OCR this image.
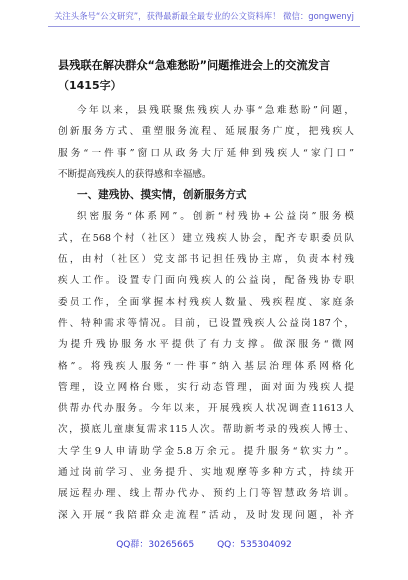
关注头条号“公文研究”，获得最新最全最专业的公文资料库！ 微信：gongwenyj
县残联在解决群众“急难愁盼”问题推进会上的交流发言
（1415字）
今年以来，县残联聚焦残疾人办事“急难愁盼”问题，
创新服务方式、重塑服务流程、延展服务广度，把残疾人
服务“一件事”窗口从政务大厅延伸到残疾人“家门口”
不断提高残疾人的获得感和幸福感。
一、建残协、摸实情，创新服务方式
织密服务“体系网”。创新“村残协+公益岗”服务模
式，在568个村（社区）建立残疾人协会，配齐专职委员队
伍，由村（社区）党支部书记担任残协主席，负责本村残
疾人工作。设置专门面向残疾人的公益岗，配备残协专职
委员工作，全面掌握本村残疾人数量、残疾程度、家庭条
件、特种需求等情况。目前，已设置残疾人公益岗187个，
为提升残协服务水平提供了有力支撑。做深服务“微网
格”。将残疾人服务“一件事”纳入基层治理体系网格化
管理，设立网格台账，实行动态管理，面对面为残疾人提
供帮办代办服务。今年以来，开展残疾人状况调查11613人
次，摸底儿童康复需求115人次。帮助新考录的残疾人博士、
大学生9人申请助学金5.8万余元。提升服务“软实力”。
通过岗前学习、业务提升、实地观摩等多种方式，持续开
展远程办理、线上帮办代办、预约上门等智慧政务培训。
深入开展“我陪群众走流程”活动，及时发现问题，补齐
QQ群：30265665	QQ：535304092
